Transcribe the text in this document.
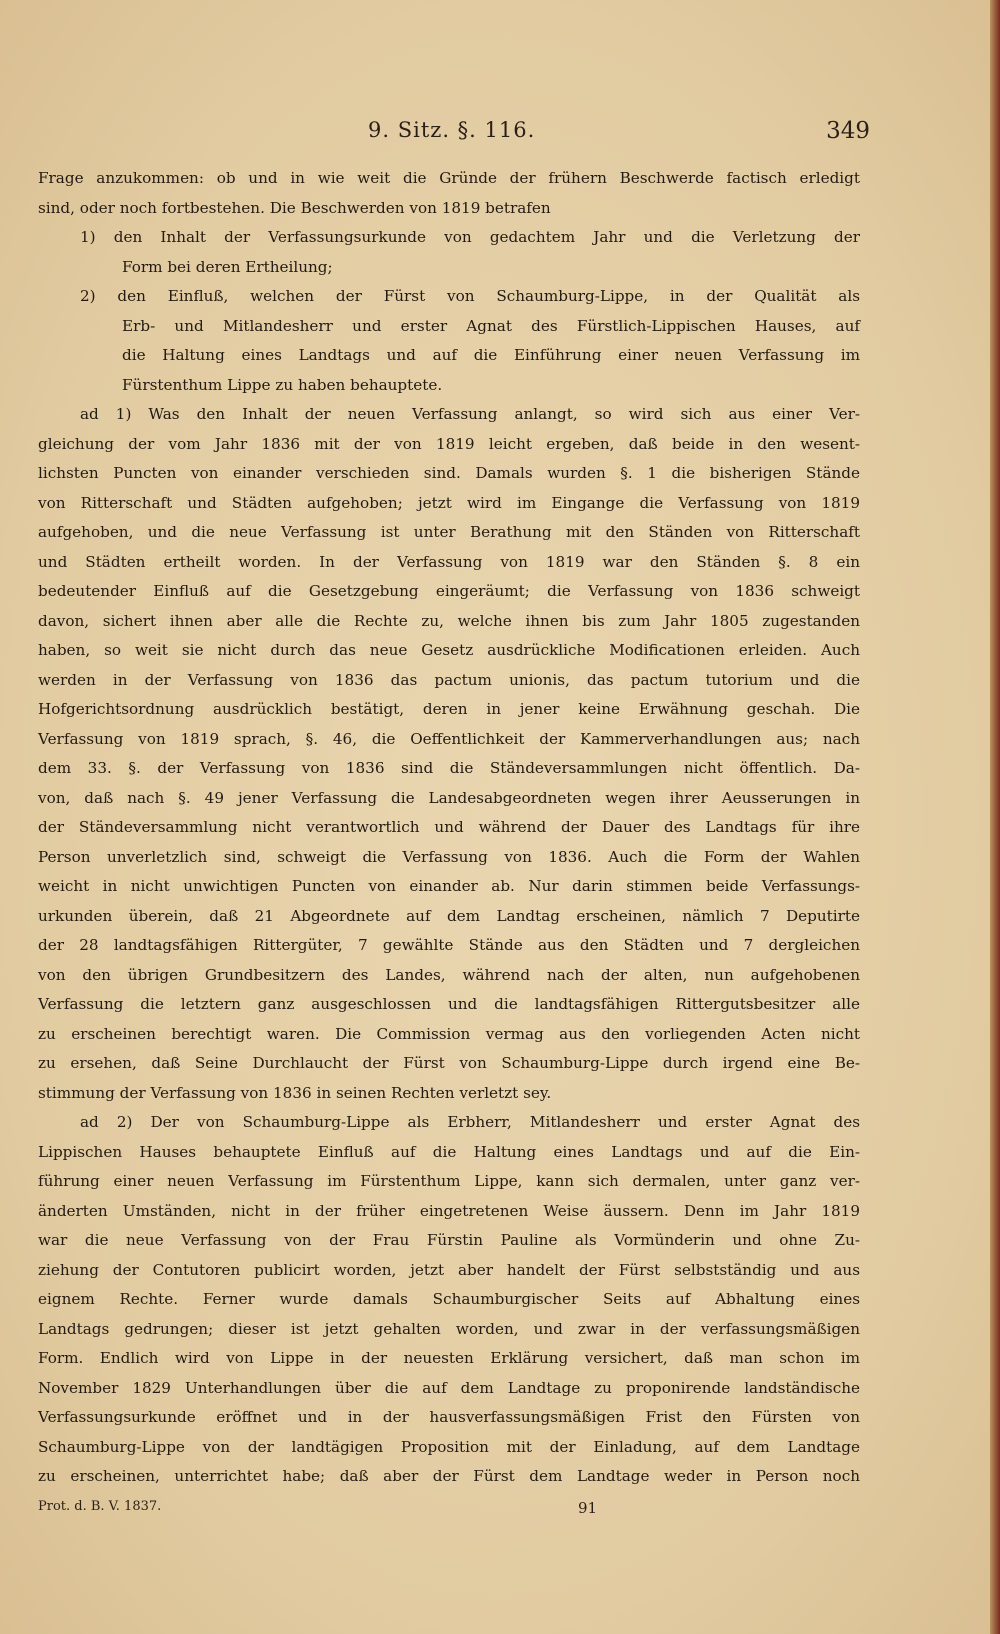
9. Sitz. §. 116.	349
Frage anzukommen: ob und in wie weit die Gründe der frühern Beschwerde factisch erledigt
sind, oder noch fortbestehen. Die Beschwerden von 1819 betrafen
1) den Inhalt der Verfassungsurkunde von gedachtem Jahr und die Verletzung der
Form bei deren Ertheilung;
2) den Einfluß, welchen der Fürst von Schaumburg-Lippe, in der Qualität als
Erb- und Mitlandesherr und erster Agnat des Fürstlich-Lippischen Hauses, auf
die Haltung eines Landtags und auf die Einführung einer neuen Verfassung im
Fürstenthum Lippe zu haben behauptete.
ad 1) Was den Inhalt der neuen Verfassung anlangt, so wird sich aus einer Ver-
gleichung der vom Jahr 1836 mit der von 1819 leicht ergeben, daß beide in den wesent-
lichsten Puncten von einander verschieden sind. Damals wurden §. 1 die bisherigen Stände
von Ritterschaft und Städten aufgehoben; jetzt wird im Eingange die Verfassung von 1819
aufgehoben, und die neue Verfassung ist unter Berathung mit den Ständen von Ritterschaft
und Städten ertheilt worden. In der Verfassung von 1819 war den Ständen §. 8 ein
bedeutender Einfluß auf die Gesetzgebung eingeräumt; die Verfassung von 1836 schweigt
davon, sichert ihnen aber alle die Rechte zu, welche ihnen bis zum Jahr 1805 zugestanden
haben, so weit sie nicht durch das neue Gesetz ausdrückliche Modificationen erleiden. Auch
werden in der Verfassung von 1836 das pactum unionis, das pactum tutorium und die
Hofgerichtsordnung ausdrücklich bestätigt, deren in jener keine Erwähnung geschah. Die
Verfassung von 1819 sprach, §. 46, die Oeffentlichkeit der Kammerverhandlungen aus; nach
dem 33. §. der Verfassung von 1836 sind die Ständeversammlungen nicht öffentlich. Da-
von, daß nach §. 49 jener Verfassung die Landesabgeordneten wegen ihrer Aeusserungen in
der Ständeversammlung nicht verantwortlich und während der Dauer des Landtags für ihre
Person unverletzlich sind, schweigt die Verfassung von 1836. Auch die Form der Wahlen
weicht in nicht unwichtigen Puncten von einander ab. Nur darin stimmen beide Verfassungs-
urkunden überein, daß 21 Abgeordnete auf dem Landtag erscheinen, nämlich 7 Deputirte
der 28 landtagsfähigen Rittergüter, 7 gewählte Stände aus den Städten und 7 dergleichen
von den übrigen Grundbesitzern des Landes, während nach der alten, nun aufgehobenen
Verfassung die letztern ganz ausgeschlossen und die landtagsfähigen Rittergutsbesitzer alle
zu erscheinen berechtigt waren. Die Commission vermag aus den vorliegenden Acten nicht
zu ersehen, daß Seine Durchlaucht der Fürst von Schaumburg-Lippe durch irgend eine Be-
stimmung der Verfassung von 1836 in seinen Rechten verletzt sey.
ad 2) Der von Schaumburg-Lippe als Erbherr, Mitlandesherr und erster Agnat des
Lippischen Hauses behauptete Einfluß auf die Haltung eines Landtags und auf die Ein-
führung einer neuen Verfassung im Fürstenthum Lippe, kann sich dermalen, unter ganz ver-
änderten Umständen, nicht in der früher eingetretenen Weise äussern. Denn im Jahr 1819
war die neue Verfassung von der Frau Fürstin Pauline als Vormünderin und ohne Zu-
ziehung der Contutoren publicirt worden, jetzt aber handelt der Fürst selbstständig und aus
eignem Rechte. Ferner wurde damals Schaumburgischer Seits auf Abhaltung eines
Landtags gedrungen; dieser ist jetzt gehalten worden, und zwar in der verfassungsmäßigen
Form. Endlich wird von Lippe in der neuesten Erklärung versichert, daß man schon im
November 1829 Unterhandlungen über die auf dem Landtage zu proponirende landständische
Verfassungsurkunde eröffnet und in der hausverfassungsmäßigen Frist den Fürsten von
Schaumburg-Lippe von der landtägigen Proposition mit der Einladung, auf dem Landtage
zu erscheinen, unterrichtet habe; daß aber der Fürst dem Landtage weder in Person noch
Prot. d. B. V. 1837.	91
